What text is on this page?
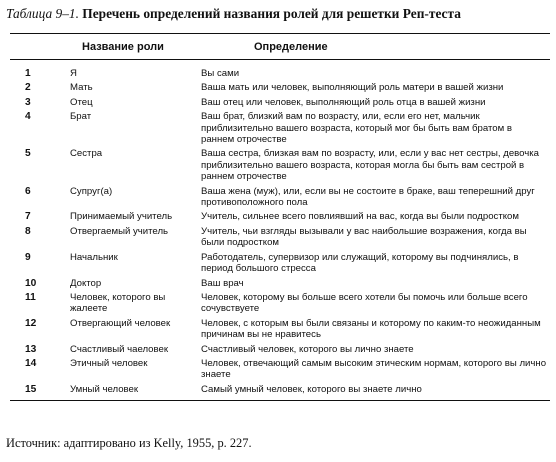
Таблица 9–1. Перечень определений названия ролей для решетки Реп-теста
	Название роли	Определение
1	Я	Вы сами
2	Мать	Ваша мать или человек, выполняющий роль матери в вашей жизни
3	Отец	Ваш отец или человек, выполняющий роль отца в вашей жизни
4	Брат	Ваш брат, близкий вам по возрасту, или, если его нет, мальчик приблизительно вашего возраста, который мог бы быть вам братом в раннем отрочестве
5	Сестра	Ваша сестра, близкая вам по возрасту, или, если у вас нет сестры, девочка приблизительно вашего возраста, которая могла бы быть вам сестрой в раннем отрочестве
6	Супруг(а)	Ваша жена (муж), или, если вы не состоите в браке, ваш теперешний друг противоположного пола
7	Принимаемый учитель	Учитель, сильнее всего повлиявший на вас, когда вы были подростком
8	Отвергаемый учитель	Учитель, чьи взгляды вызывали у вас наибольшие возражения, когда вы были подростком
9	Начальник	Работодатель, супервизор или служащий, которому вы подчинялись, в период большого стресса
10	Доктор	Ваш врач
11	Человек, которого вы жалеете	Человек, которому вы больше всего хотели бы помочь или больше всего сочувствуете
12	Отвергающий человек	Человек, с которым вы были связаны и которому по каким-то неожиданным причинам вы не нравитесь
13	Счастливый чаеловек	Счастливый человек, которого вы лично знаете
14	Этичный человек	Человек, отвечающий самым высоким этическим нормам, которого вы лично знаете
15	Умный человек	Самый умный человек, которого вы знаете лично
Источник: адаптировано из Kelly, 1955, p. 227.
